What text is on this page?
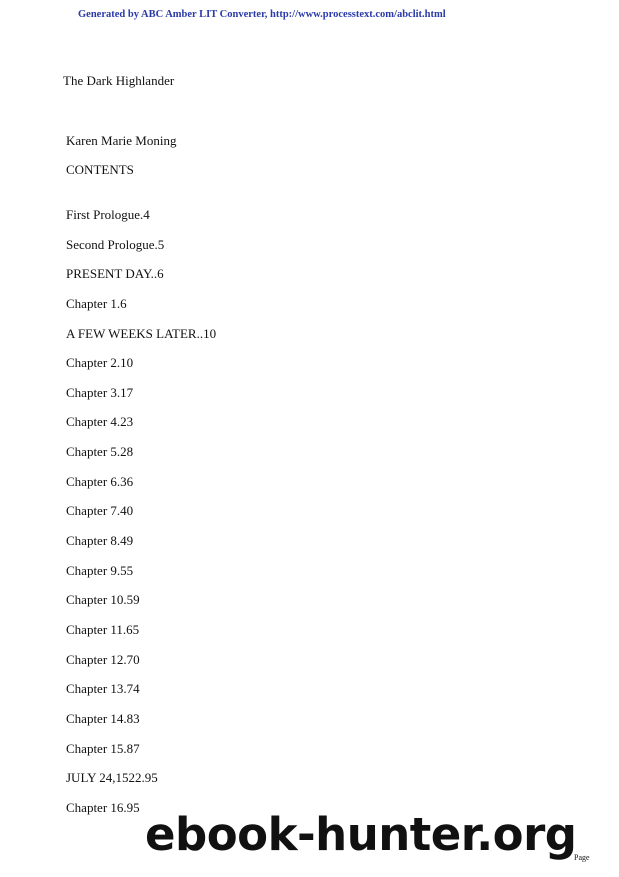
Generated by ABC Amber LIT Converter, http://www.processtext.com/abclit.html
The Dark Highlander
Karen Marie Moning
CONTENTS
First Prologue.4
Second Prologue.5
PRESENT DAY..6
Chapter 1.6
A FEW WEEKS LATER..10
Chapter 2.10
Chapter 3.17
Chapter 4.23
Chapter 5.28
Chapter 6.36
Chapter 7.40
Chapter 8.49
Chapter 9.55
Chapter 10.59
Chapter 11.65
Chapter 12.70
Chapter 13.74
Chapter 14.83
Chapter 15.87
JULY 24,1522.95
Chapter 16.95
ebook-hunter.org
Page
